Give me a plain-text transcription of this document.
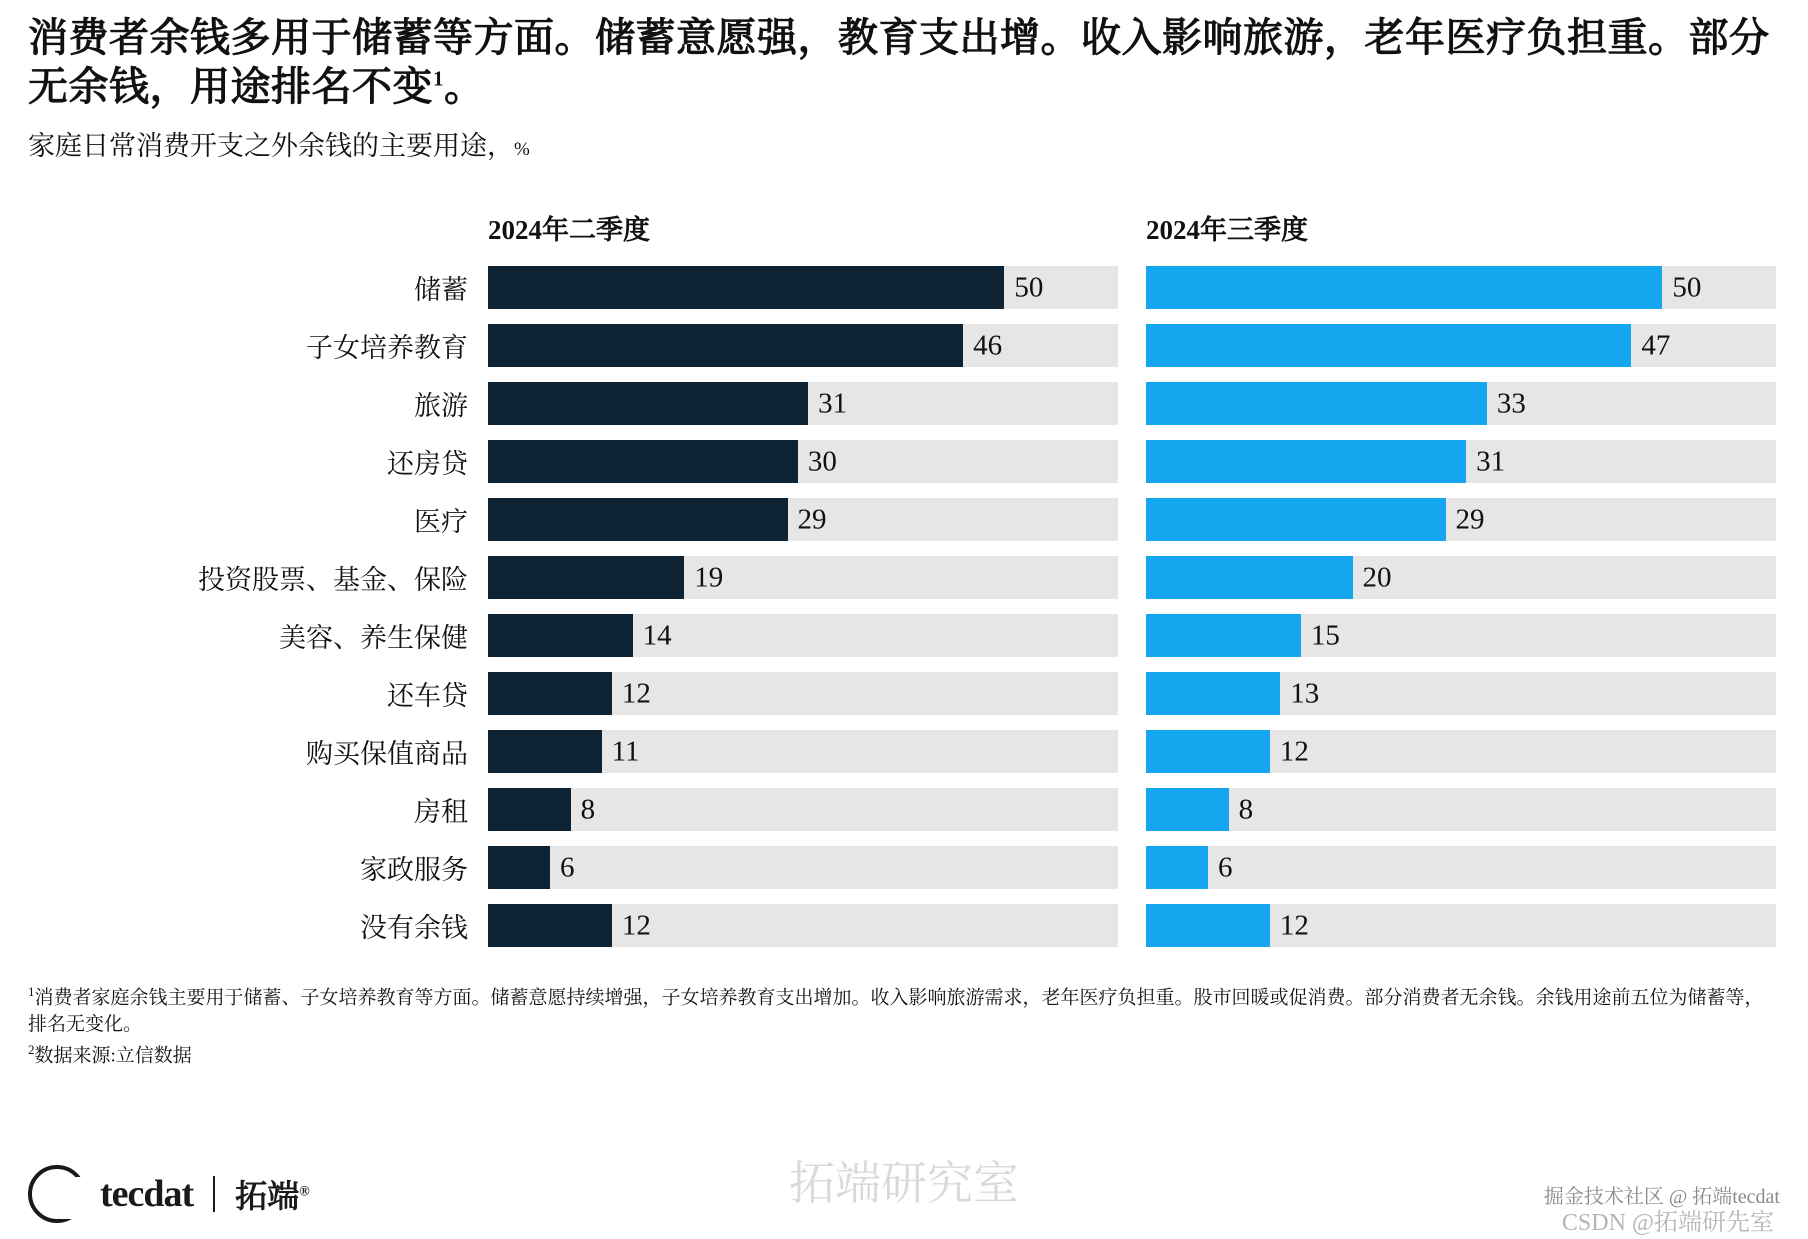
消费者余钱多用于储蓄等方面。储蓄意愿强，教育支出增。收入影响旅游，老年医疗负担重。部分无余钱，用途排名不变$^1$。
家庭日常消费开支之外余钱的主要用途，%
储蓄
子女培养教育
旅游
还房贷
医疗
投资股票、基金、保险
美容、养生保健
还车贷
购买保值商品
房租
家政服务
没有余钱
2024年二季度
50
46
31
30
29
19
14
12
11
8
6
12
2024年三季度
50
47
33
31
29
20
15
13
12
8
6
12
$^1$消费者家庭余钱主要用于储蓄、子女培养教育等方面。储蓄意愿持续增强，子女培养教育支出增加。收入影响旅游需求，老年医疗负担重。股市回暖或促消费。部分消费者无余钱。余钱用途前五位为储蓄等，排名无变化。
$^2$数据来源:立信数据
tecdat 拓端®	掘金技术社区 @ 拓端tecdat
拓端研究室
CSDN @拓端研先室
